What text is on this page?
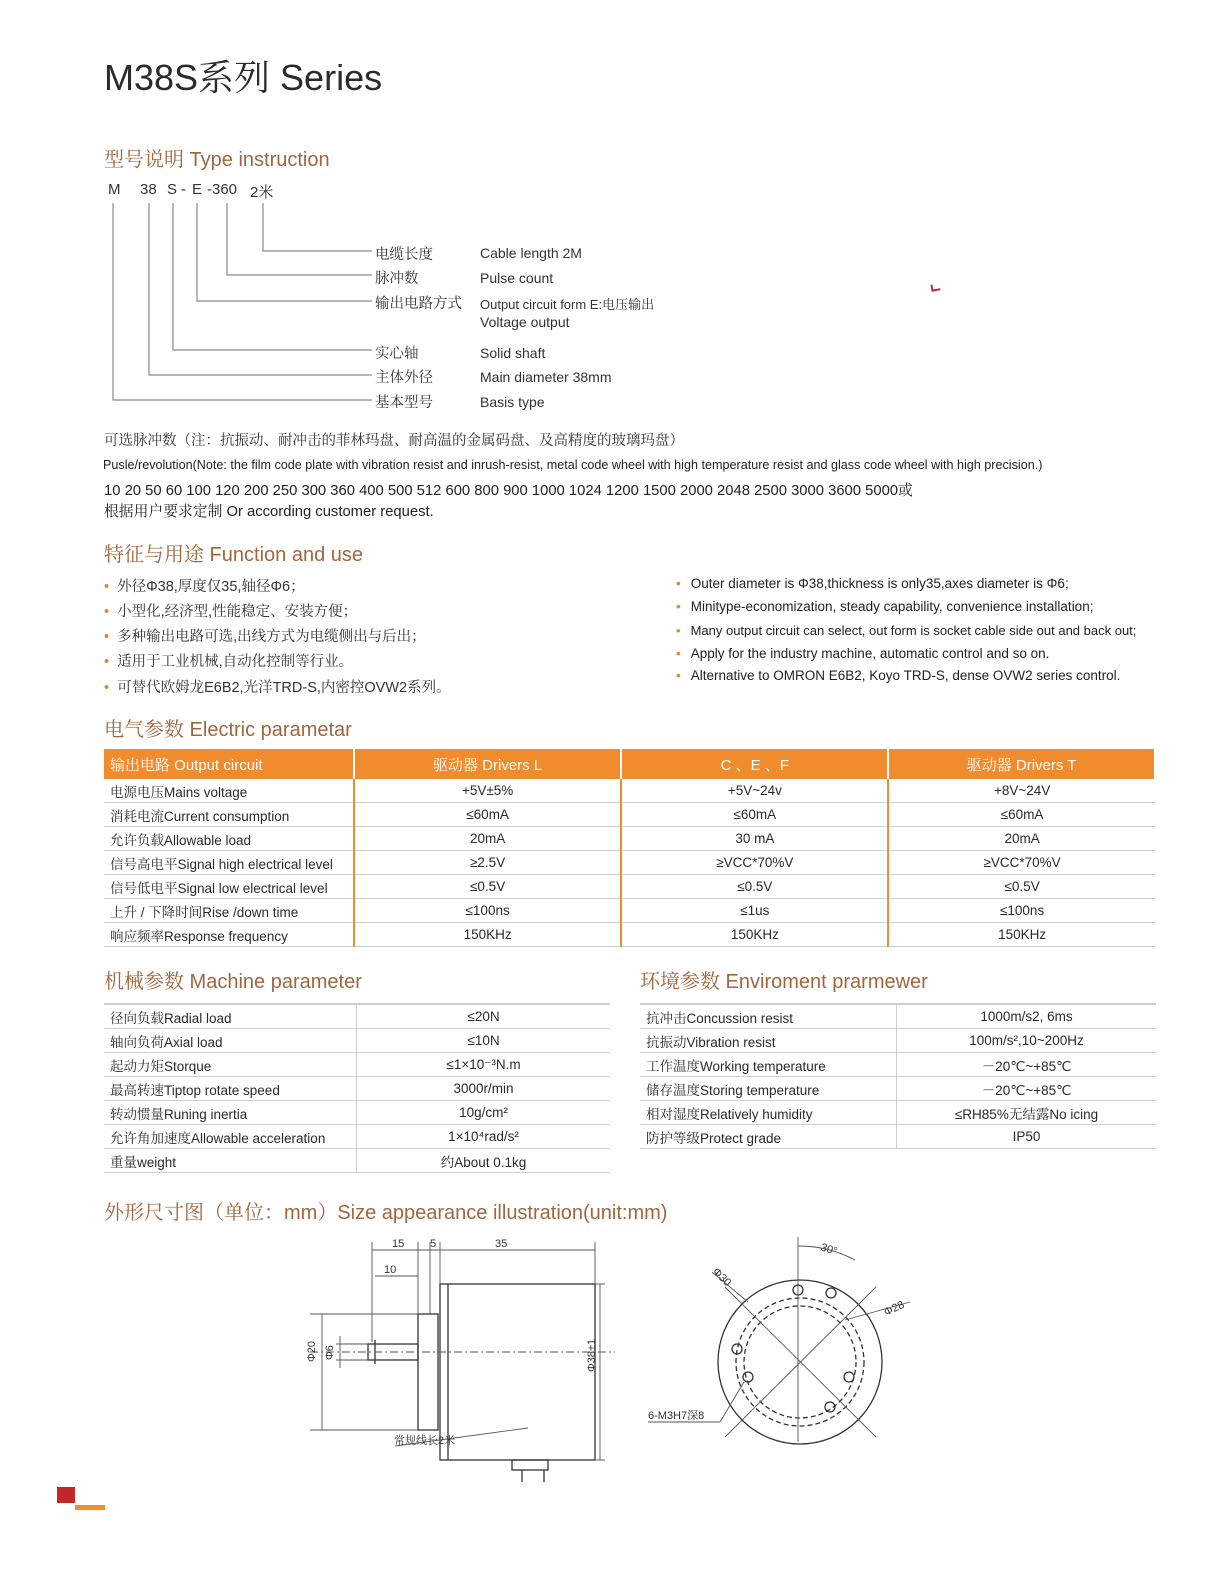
M38S系列 Series
型号说明 Type instruction
M 38 S - E -360 2米
电缆长度	Cable length 2M
脉冲数	Pulse count
输出电路方式 Output circuit form E:电压输出
Voltage output
实心轴	Solid shaft
主体外径	Main diameter 38mm
基本型号	Basis type
可选脉冲数（注：抗振动、耐冲击的菲林玛盘、耐高温的金属码盘、及高精度的玻璃玛盘）
Pusle/revolution(Note: the film code plate with vibration resist and inrush-resist, metal code wheel with high temperature resist and glass code wheel with high precision.)
10 20 50 60 100 120 200 250 300 360 400 500 512 600 800 900 1000 1024 1200 1500 2000 2048 2500 3000 3600 5000或
根据用户要求定制 Or according customer request.
特征与用途 Function and use
• 外径Φ38,厚度仅35,轴径Φ6；
• 小型化,经济型,性能稳定、安装方便；
• 多种输出电路可选,出线方式为电缆侧出与后出；
• 适用于工业机械,自动化控制等行业。
• 可替代欧姆龙E6B2,光洋TRD-S,内密控OVW2系列。
• Outer diameter is Φ38,thickness is only35,axes diameter is Φ6;
• Minitype-economization, steady capability, convenience installation;
• Many output circuit can select, out form is socket cable side out and back out;
• Apply for the industry machine, automatic control and so on.
• Alternative to OMRON E6B2, Koyo TRD-S, dense OVW2 series control.
电气参数 Electric parametar
输出电路 Output circuit	驱动器 Drivers L	C 、E 、F	驱动器 Drivers T
电源电压Mains voltage	+5V±5%	+5V~24v	+8V~24V
消耗电流Current consumption	≤60mA	≤60mA	≤60mA
允许负载Allowable load	20mA	30 mA	20mA
信号高电平Signal high electrical level	≥2.5V	≥VCC*70%V	≥VCC*70%V
信号低电平Signal low electrical level	≤0.5V	≤0.5V	≤0.5V
上升 / 下降时间Rise /down time	≤100ns	≤1us	≤100ns
响应频率Response frequency	150KHz	150KHz	150KHz
机械参数 Machine parameter
径向负载Radial load	≤20N
轴向负荷Axial load	≤10N
起动力矩Storque	≤1×10⁻³N.m
最高转速Tiptop rotate speed	3000r/min
转动惯量Runing inertia	10g/cm²
允许角加速度Allowable acceleration	1×10⁴rad/s²
重量weight	约About 0.1kg
环境参数 Enviroment prarmewer
抗冲击Concussion resist	1000m/s2, 6ms
抗振动Vibration resist	100m/s²,10~200Hz
工作温度Working temperature	－20℃~+85℃
储存温度Storing temperature	－20℃~+85℃
相对湿度Relatively humidity	≤RH85%无结露No icing
防护等级Protect grade	IP50
外形尺寸图（单位：mm）Size appearance illustration(unit:mm)
15 5	35
10
Φ20 Φ6	Φ38±1
常规线长2米
30°
Φ30
Φ28
6-M3H7深8
